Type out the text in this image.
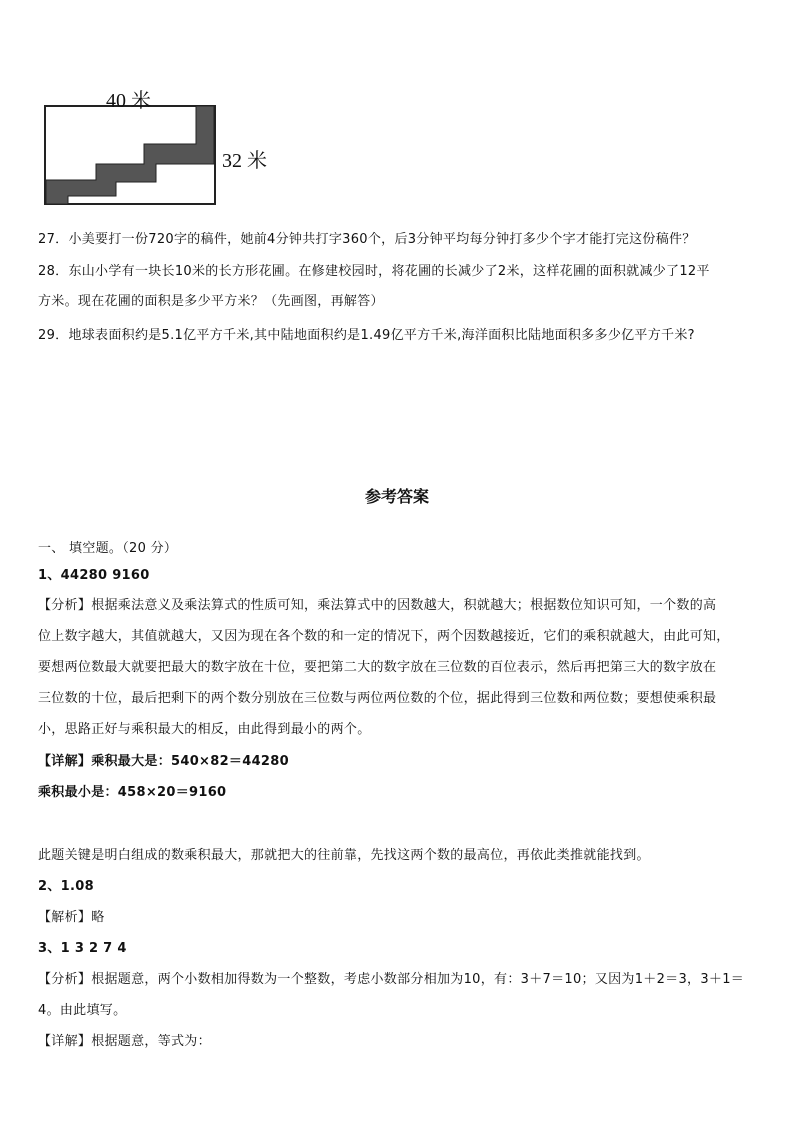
40 米
32 米
27．小美要打一份720字的稿件，她前4分钟共打字360个，后3分钟平均每分钟打多少个字才能打完这份稿件？
28．东山小学有一块长10米的长方形花圃。在修建校园时，将花圃的长减少了2米，这样花圃的面积就减少了12平
方米。现在花圃的面积是多少平方米？（先画图，再解答）
29．地球表面积约是5.1亿平方千米,其中陆地面积约是1.49亿平方千米,海洋面积比陆地面积多多少亿平方千米?
参考答案
一、 填空题。（20 分）
1、44280 9160
【分析】根据乘法意义及乘法算式的性质可知，乘法算式中的因数越大，积就越大；根据数位知识可知，一个数的高
位上数字越大，其值就越大，又因为现在各个数的和一定的情况下，两个因数越接近，它们的乘积就越大，由此可知，
要想两位数最大就要把最大的数字放在十位，要把第二大的数字放在三位数的百位表示，然后再把第三大的数字放在
三位数的十位，最后把剩下的两个数分别放在三位数与两位两位数的个位，据此得到三位数和两位数；要想使乘积最
小，思路正好与乘积最大的相反，由此得到最小的两个。
【详解】乘积最大是：540×82＝44280
乘积最小是：458×20＝9160
此题关键是明白组成的数乘积最大，那就把大的往前靠，先找这两个数的最高位，再依此类推就能找到。
2、1.08
【解析】略
3、1 3 2 7 4
【分析】根据题意，两个小数相加得数为一个整数，考虑小数部分相加为10，有：3＋7＝10；又因为1＋2＝3，3＋1＝
4。由此填写。
【详解】根据题意，等式为：
